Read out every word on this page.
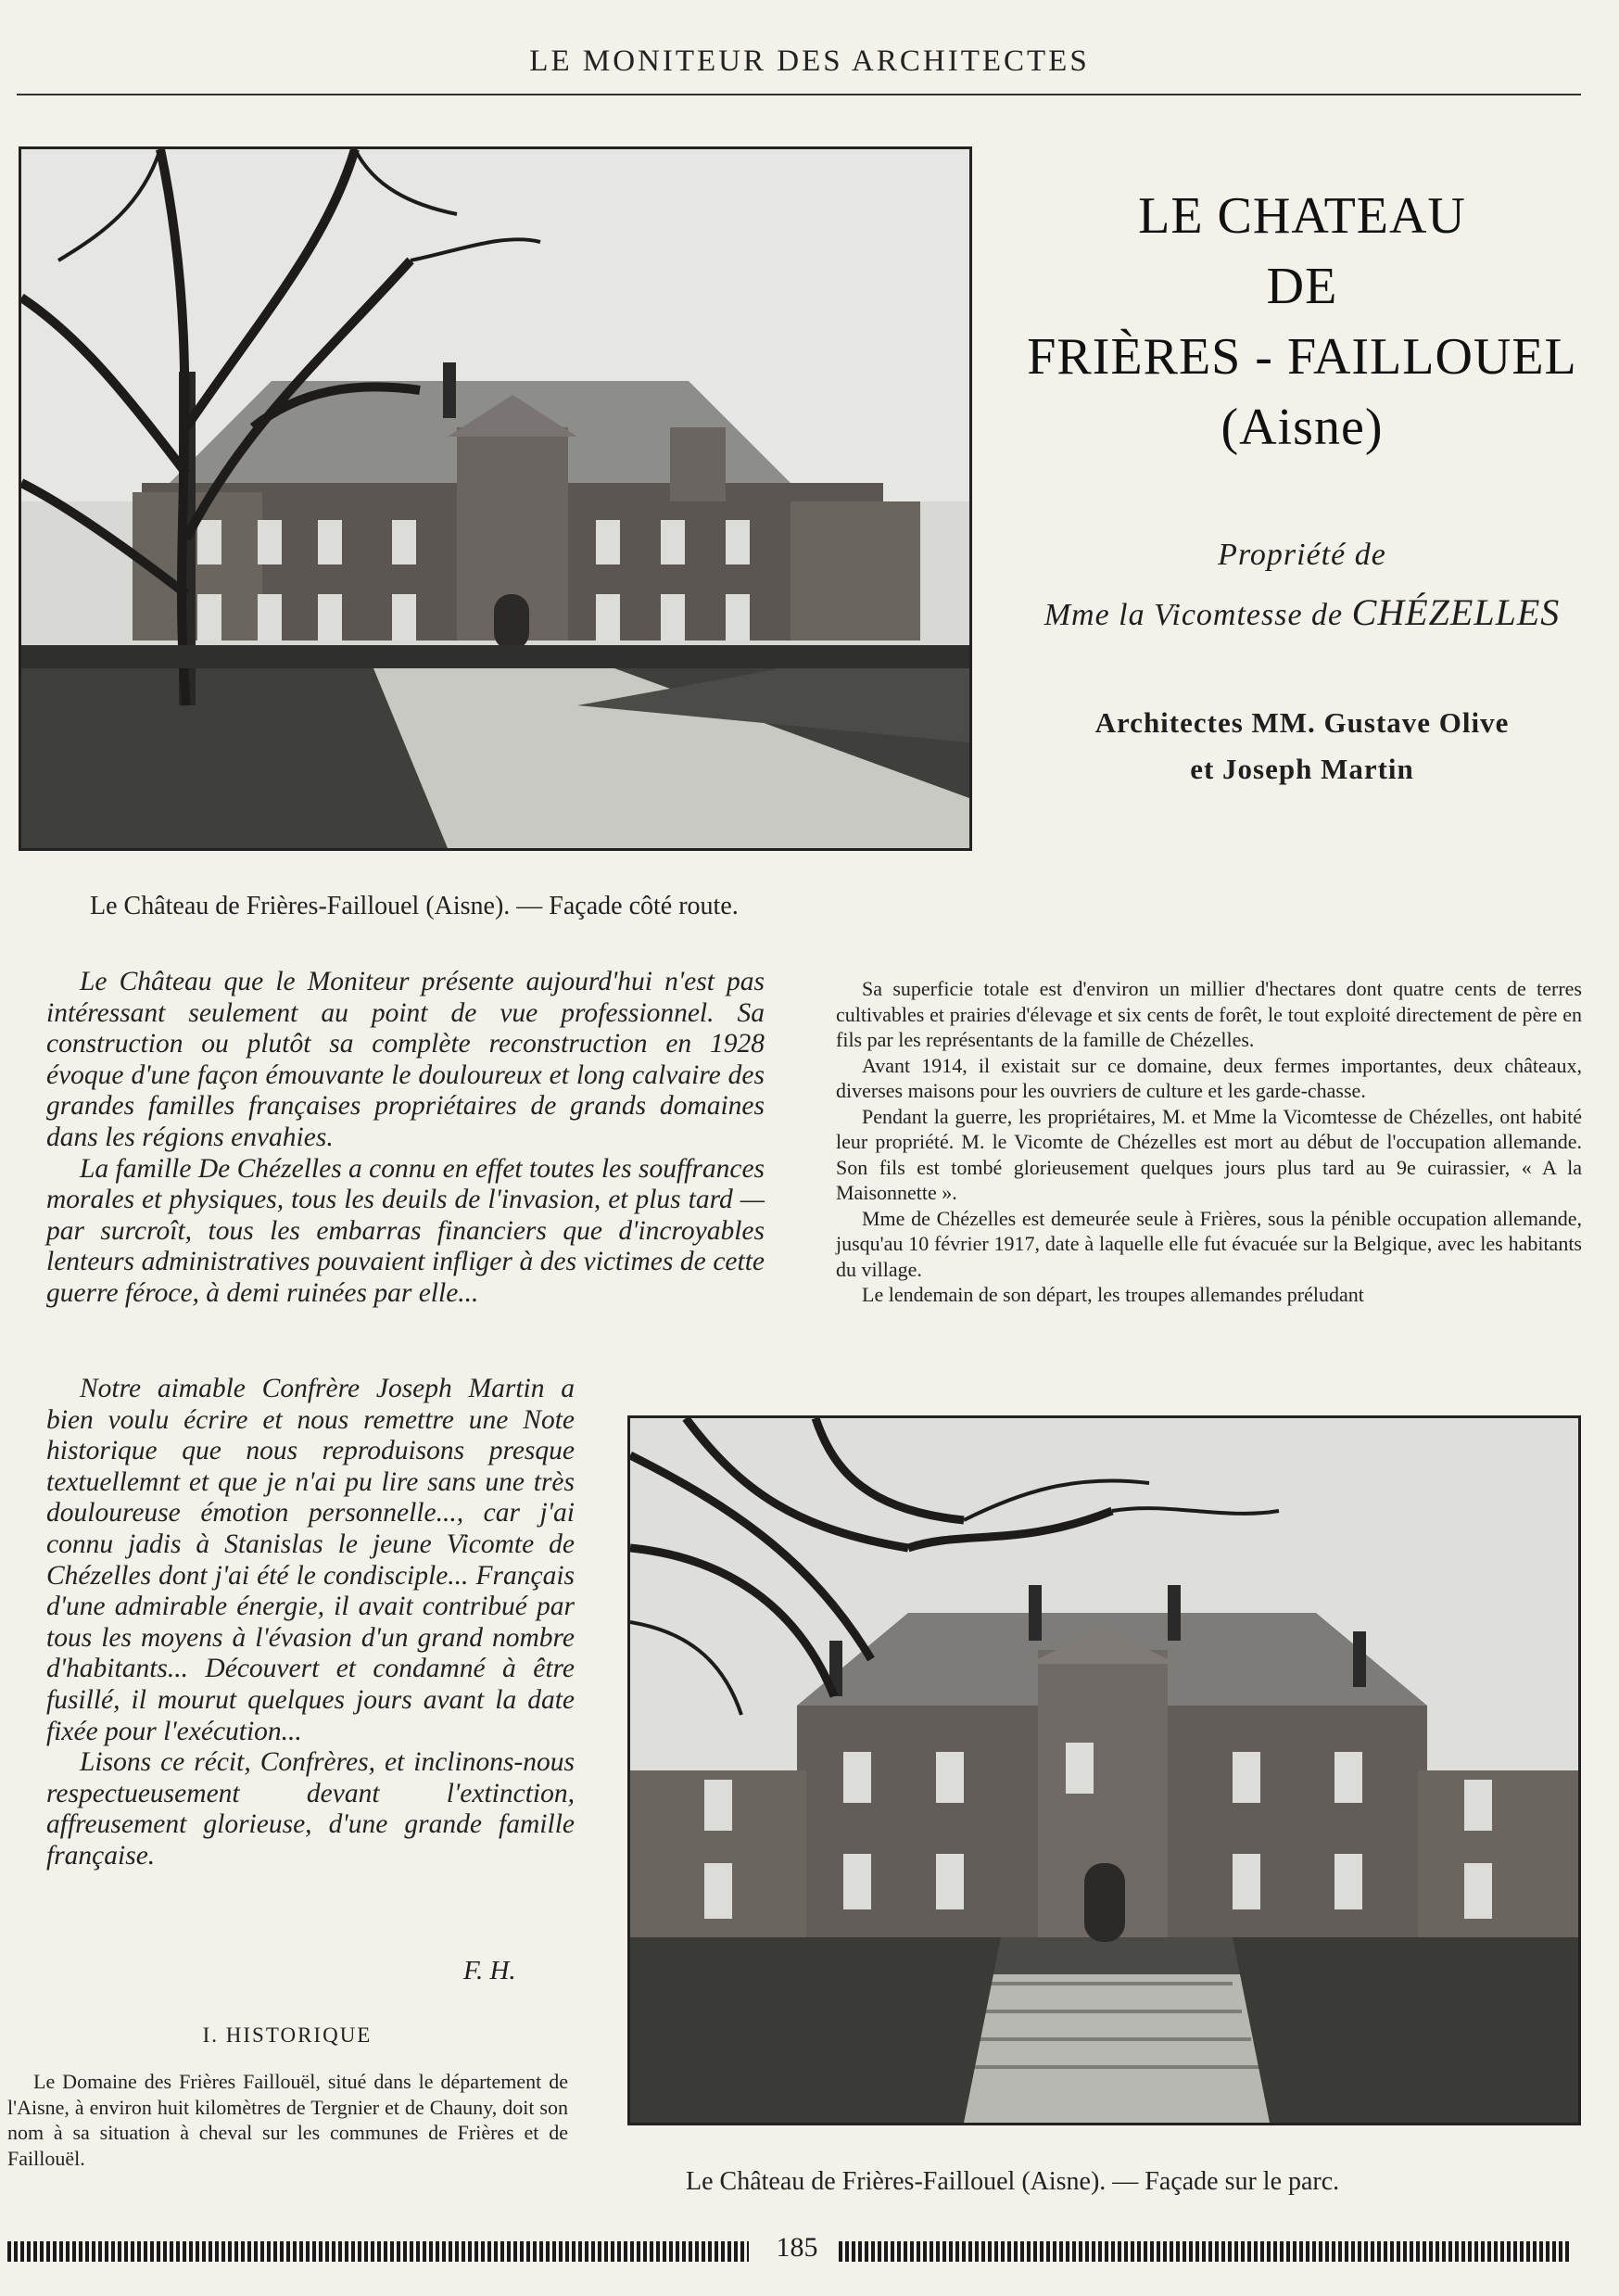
LE MONITEUR DES ARCHITECTES
LE CHATEAU
DE
FRIÈRES - FAILLOUEL
(Aisne)
Propriété de
Mme la Vicomtesse de CHÉZELLES
Architectes MM. Gustave Olive
et Joseph Martin
Le Château de Frières-Faillouel (Aisne). — Façade côté route.

Le Château que le Moniteur présente aujourd'hui n'est pas intéressant seulement au point de vue professionnel. Sa construction ou plutôt sa complète reconstruction en 1928 évoque d'une façon émouvante le douloureux et long calvaire des grandes familles françaises propriétaires de grands domaines dans les régions envahies.

La famille De Chézelles a connu en effet toutes les souffrances morales et physiques, tous les deuils de l'invasion, et plus tard — par surcroît, tous les embarras financiers que d'incroyables lenteurs administratives pouvaient infliger à des victimes de cette guerre féroce, à demi ruinées par elle...

Notre aimable Confrère Joseph Martin a bien voulu écrire et nous remettre une Note historique que nous reproduisons presque textuellemnt et que je n'ai pu lire sans une très douloureuse émotion personnelle..., car j'ai connu jadis à Stanislas le jeune Vicomte de Chézelles dont j'ai été le condisciple... Français d'une admirable énergie, il avait contribué par tous les moyens à l'évasion d'un grand nombre d'habitants... Découvert et condamné à être fusillé, il mourut quelques jours avant la date fixée pour l'exécution...

Lisons ce récit, Confrères, et inclinons-nous respectueusement devant l'extinction, affreusement glorieuse, d'une grande famille française.

F. H.
I. HISTORIQUE

Le Domaine des Frières Faillouël, situé dans le département de l'Aisne, à environ huit kilomètres de Tergnier et de Chauny, doit son nom à sa situation à cheval sur les communes de Frières et de Faillouël.

Sa superficie totale est d'environ un millier d'hectares dont quatre cents de terres cultivables et prairies d'élevage et six cents de forêt, le tout exploité directement de père en fils par les représentants de la famille de Chézelles.

Avant 1914, il existait sur ce domaine, deux fermes importantes, deux châteaux, diverses maisons pour les ouvriers de culture et les garde-chasse.

Pendant la guerre, les propriétaires, M. et Mme la Vicomtesse de Chézelles, ont habité leur propriété. M. le Vicomte de Chézelles est mort au début de l'occupation allemande. Son fils est tombé glorieusement quelques jours plus tard au 9e cuirassier, « A la Maisonnette ».

Mme de Chézelles est demeurée seule à Frières, sous la pénible occupation allemande, jusqu'au 10 février 1917, date à laquelle elle fut évacuée sur la Belgique, avec les habitants du village.

Le lendemain de son départ, les troupes allemandes préludant

Le Château de Frières-Faillouel (Aisne). — Façade sur le parc.
185
